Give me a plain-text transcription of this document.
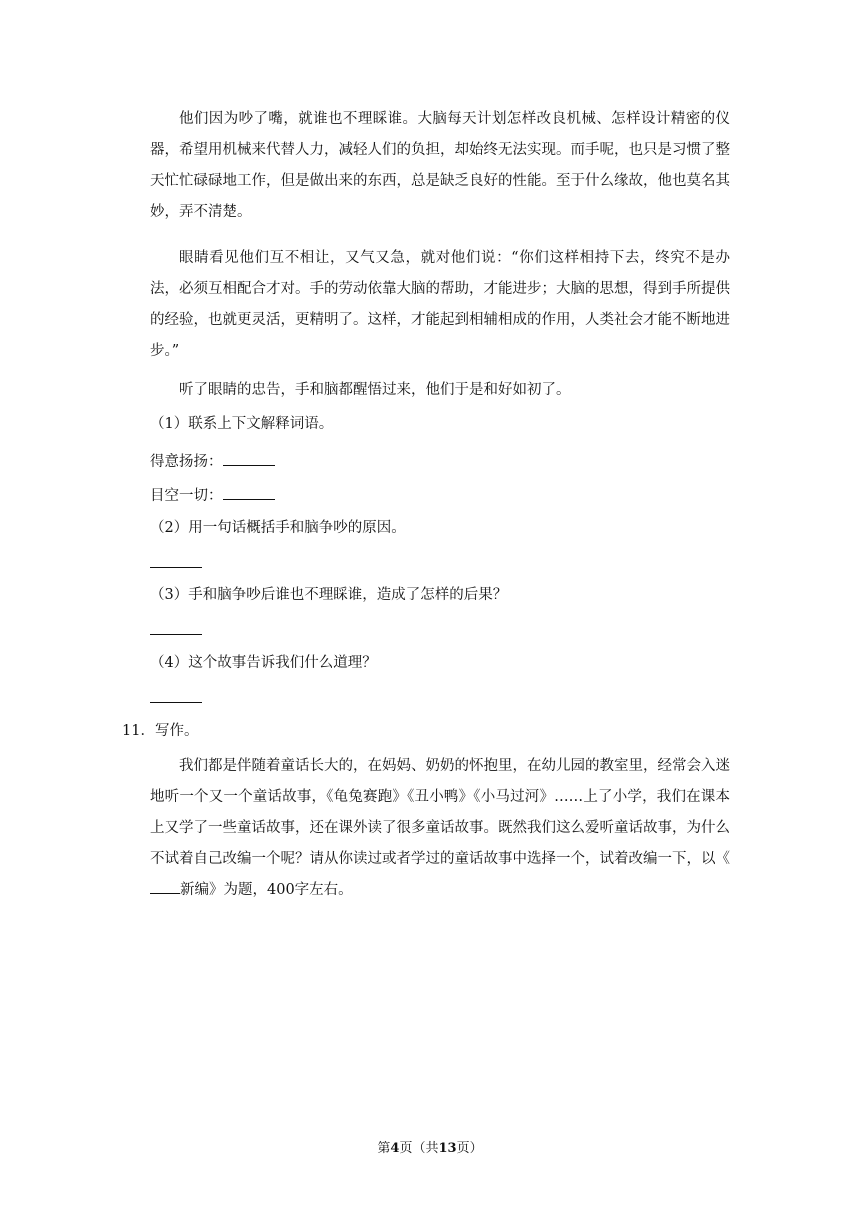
他们因为吵了嘴，就谁也不理睬谁。大脑每天计划怎样改良机械、怎样设计精密的仪器，希望用机械来代替人力，减轻人们的负担，却始终无法实现。而手呢，也只是习惯了整天忙忙碌碌地工作，但是做出来的东西，总是缺乏良好的性能。至于什么缘故，他也莫名其妙，弄不清楚。

眼睛看见他们互不相让，又气又急，就对他们说：“你们这样相持下去，终究不是办法，必须互相配合才对。手的劳动依靠大脑的帮助，才能进步；大脑的思想，得到手所提供的经验，也就更灵活，更精明了。这样，才能起到相辅相成的作用，人类社会才能不断地进步。”

听了眼睛的忠告，手和脑都醒悟过来，他们于是和好如初了。

（1）联系上下文解释词语。

得意扬扬：

目空一切：

（2）用一句话概括手和脑争吵的原因。

（3）手和脑争吵后谁也不理睬谁，造成了怎样的后果？

（4）这个故事告诉我们什么道理？

11．写作。

我们都是伴随着童话长大的，在妈妈、奶奶的怀抱里，在幼儿园的教室里，经常会入迷地听一个又一个童话故事，《龟兔赛跑》《丑小鸭》《小马过河》……上了小学，我们在课本上又学了一些童话故事，还在课外读了很多童话故事。既然我们这么爱听童话故事，为什么不试着自己改编一个呢？请从你读过或者学过的童话故事中选择一个，试着改编一下，以《新编》为题，400字左右。

第4页（共13页）
